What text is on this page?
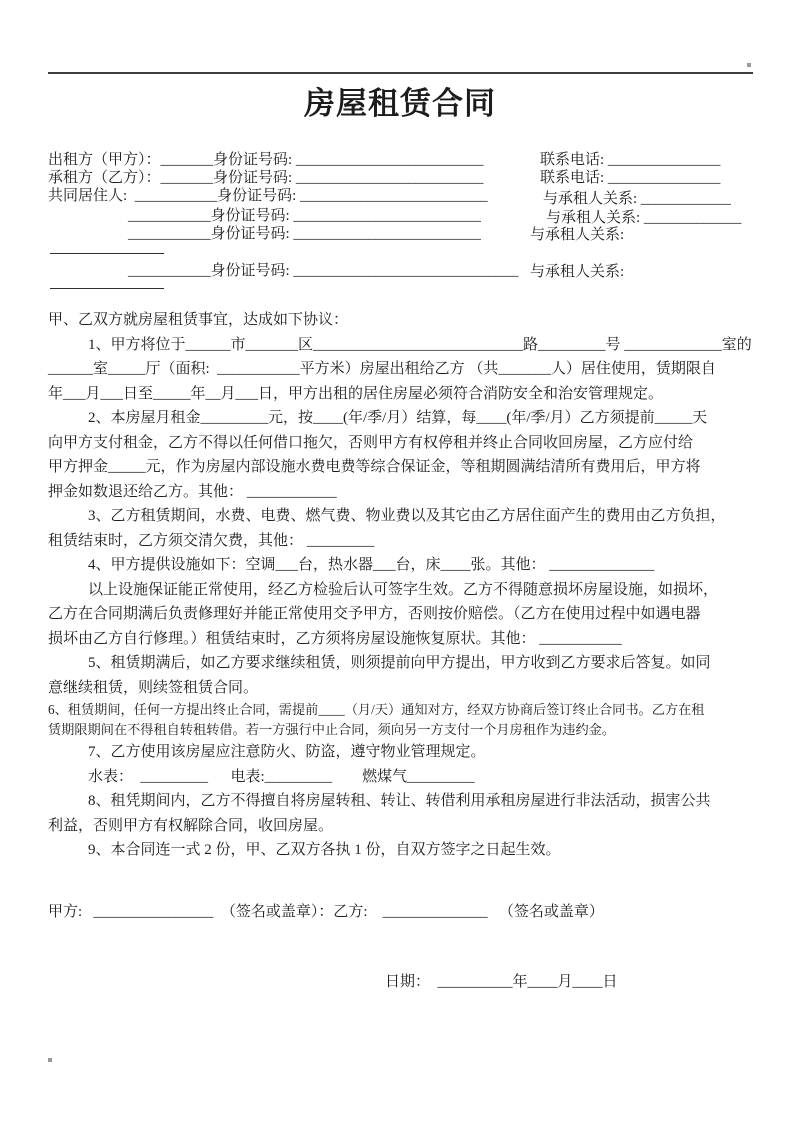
房屋租赁合同
出租方（甲方）：_______身份证号码: _________________________	联系电话: _______________
承租方（乙方）：_______身份证号码: _________________________	联系电话: _______________
共同居住人:  ___________身份证号码: _________________________	与承租人关系: ____________
___________身份证号码: _________________________	与承租人关系: _____________
___________身份证号码: _________________________	与承租人关系:
___________身份证号码: ______________________________ 与承租人关系:
甲、乙双方就房屋租赁事宜，达成如下协议：
1、甲方将位于______市_______区____________________________路_________号 _____________室的
______室_____厅（面积:  ___________平方米）房屋出租给乙方 （共_______人）居住使用，赁期限自
年___月___日至_____年__月___日，甲方出租的居住房屋必须符合消防安全和治安管理规定。
2、本房屋月租金_________元，按____(年/季/月）结算，每____(年/季/月）乙方须提前_____天
向甲方支付租金，乙方不得以任何借口拖欠，否则甲方有权停租并终止合同收回房屋，乙方应付给
甲方押金_____元，作为房屋内部设施水费电费等综合保证金，等租期圆满结清所有费用后，甲方将
押金如数退还给乙方。其他： ____________
3、乙方租赁期间，水费、电费、燃气费、物业费以及其它由乙方居住面产生的费用由乙方负担，
租赁结束时，乙方须交清欠费，其他： _________
4、甲方提供设施如下：空调___台，热水器___台，床____张。其他： ______________
以上设施保证能正常使用，经乙方检验后认可签字生效。乙方不得随意损坏房屋设施，如损坏，
乙方在合同期满后负责修理好并能正常使用交予甲方，否则按价赔偿。（乙方在使用过程中如遇电器
损坏由乙方自行修理。）租赁结束时，乙方须将房屋设施恢复原状。其他： ___________
5、租赁期满后，如乙方要求继续租赁，则须提前向甲方提出，甲方收到乙方要求后答复。如同
意继续租赁，则续签租赁合同。
6、租赁期间，任何一方提出终止合同，需提前____（月/天）通知对方，经双方协商后签订终止合同书。乙方在租
赁期限期间在不得租自转租转借。若一方强行中止合同，须向另一方支付一个月房租作为违约金。
7、乙方使用该房屋应注意防火、防盗，遵守物业管理规定。
水表：  _________      电表:_________        燃煤气_________
8、租凭期间内，乙方不得擅自将房屋转租、转让、转借利用承租房屋进行非法活动，损害公共
利益，否则甲方有权解除合同，收回房屋。
9、本合同连一式 2 份，甲、乙双方各执 1 份，自双方签字之日起生效。
甲方:   ________________  （签名或盖章）：乙方:    ______________   （签名或盖章）
日期：  __________年____月____日
